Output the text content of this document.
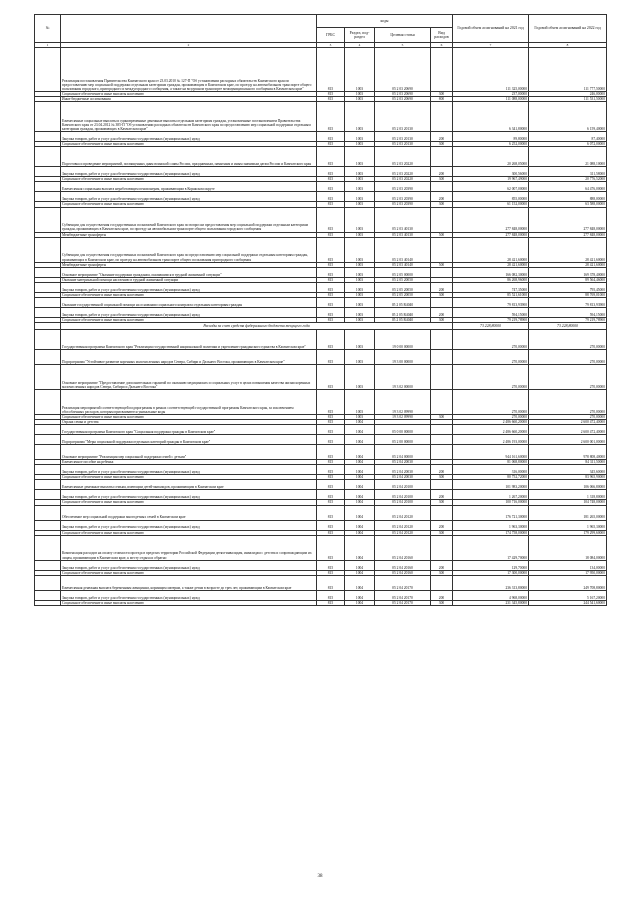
№		коды				Годовой объем ассигнований на 2021 год	Годовой объем ассигнований на 2022 год
		ГРБС	Раздел, под-раздел	Целевая статья	Вид расходов		
1	2	3	4	5	6	7	8
	Реализация постановления Правительства Камчатского края от 23.03.2010 № 127-П "Об установлении расходных обязательств Камчатского края по предоставлению мер социальной поддержки отдельным категориям граждан, проживающим в Камчатском крае, по проезду на автомобильном транспорте общего пользования городского, пригородного и междугородного сообщения, а также на воздушном транспорте межмуниципального сообщения в Камчатском крае"	815	1003	05 2 03 20690		111 325,00000	111 777,50000
	Социальное обеспечение и иные выплаты населению	815	1003	05 2 03 20690	300	237,00000	246,00000
	Иные бюджетные ассигнования	815	1003	05 2 03 20690	800	111 088,00000	111 531,50000
	Ежемесячные социальные выплаты и единовременные денежные выплаты отдельным категориям граждан, установленные постановлением Правительства Камчатского края от 23.04.2012 № 385-П "Об установлении расходных обязательств Камчатского края по предоставлению мер социальной поддержки отдельным категориям граждан, проживающих в Камчатском крае"	815	1003	05 2 03 20130		6 341,80000	6 159,40000
	Закупка товаров, работ и услуг для обеспечения государственных (муниципальных) нужд	815	1003	05 2 03 20130	200	89,80000	87,40000
	Социальное обеспечение и иные выплаты населению	815	1003	05 2 03 20130	300	6 252,00000	6 072,00000
	Подготовка и проведение мероприятий, посвященных дням воинской славы России, праздничным, памятным и иным значимым датам России и Камчатского края	815	1003	05 2 03 20220		20 268,05000	21 088,10000
	Закупка товаров, работ и услуг для обеспечения государственных (муниципальных) нужд	815	1003	05 2 03 20220	200	300,56000	311,58000
	Социальное обеспечение и иные выплаты населению	815	1003	05 2 03 20220	300	19 967,49000	20 776,52000
	Ежемесячная социальная выплата неработающим пенсионерам, проживающим в Корякском округе	815	1003	05 2 03 20390		62 007,00000	64 476,00000
	Закупка товаров, работ и услуг для обеспечения государственных (муниципальных) нужд	815	1003	05 2 03 20390	200	855,00000	888,00000
	Социальное обеспечение и иные выплаты населению	815	1003	05 2 03 20390	300	61 152,00000	63 588,00000
	Субвенции для осуществления государственных полномочий Камчатского края по вопросам предоставления мер социальной поддержки отдельным категориям граждан, проживающих в Камчатском крае, по проезду на автомобильном транспорте общего пользования городского сообщения	815	1003	05 2 03 40130		277 848,00000	277 848,00000
	Межбюджетные трансферты	815	1003	05 2 03 40130	500	277 848,00000	277 848,00000
	Субвенции для осуществления государственных полномочий Камчатского края по предоставлению мер социальной поддержки отдельным категориям граждан, проживающих в Камчатском крае, по проезду на автомобильном транспорте общего пользования пригородного сообщения	815	1003	05 2 03 40140		28 421,60000	28 421,60000
	Межбюджетные трансферты	815	1003	05 2 03 40140	500	28 421,60000	28 421,60000
	Основное мероприятие "Оказание поддержки гражданам, оказавшимся в трудной жизненной ситуации"	815	1003	05 2 05 00000		166 082,30000	169 378,40000
	Оказание материальной помощи населению в трудной жизненной ситуации	815	1003	05 2 05 20050		86 268,96000	89 564,46000
	Закупка товаров, работ и услуг для обеспечения государственных (муниципальных) нужд	815	1003	05 2 05 20050	200	747,35000	795,45000
	Социальное обеспечение и иные выплаты населению	815	1003	05 2 05 20050	300	85 521,61000	88 769,01000
	Оказание государственной социальной помощи на основании социального контракта отдельным категориям граждан	815	1003	05 2 05 R4040		79 813,93900	79 813,93900
	Закупка товаров, работ и услуг для обеспечения государственных (муниципальных) нужд	815	1003	05 2 05 R4040	200	594,15000	594,15000
	Социальное обеспечение и иные выплаты населению	815	1003	05 2 05 R4040	300	79 219,78900	79 219,78900
	Расходы за счет средств федерального бюджета текущего года					73 228,80000	73 228,80000
	Государственная программа Камчатского края "Реализация государственной национальной политики и укрепление гражданского единства в Камчатском крае"	815	1003	19 0 00 00000		270,00000	270,00000
	Подпрограмма "Устойчивое развитие коренных малочисленных народов Севера, Сибири и Дальнего Востока, проживающих в Камчатском крае"	815	1003	19 3 00 00000		270,00000	270,00000
	Основное мероприятие "Предоставление дополнительных гарантий по оказанию медицинских и социальных услуг в целях повышения качества жизни коренных малочисленных народов Севера, Сибири и Дальнего Востока"	815	1003	19 3 02 00000		270,00000	270,00000
	Реализация мероприятий соответствующей подпрограммы в рамках соответствующей государственной программы Камчатского края, за исключением обособленных расходов, которым присваиваются уникальные коды	815	1003	19 3 02 09990		270,00000	270,00000
	Социальное обеспечение и иные выплаты населению	815	1003	19 3 02 09990	300	270,00000	270,00000
	Охрана семьи и детства	815	1004			2 486 660,20000	2 600 472,40000
	Государственная программа Камчатского края "Социальная поддержка граждан в Камчатском крае"	815	1004	05 0 00 00000		2 486 660,20000	2 600 472,40000
	Подпрограмма "Меры социальной поддержки отдельных категорий граждан в Камчатском крае"	815	1004	05 2 00 00000		2 486 193,00000	2 600 001,00000
	Основное мероприятие "Реализация мер социальной поддержки семей с детьми"	815	1004	05 2 04 00000		944 161,60000	978 808,40000
	Ежемесячное пособие на ребенка	815	1004	05 2 04 20030		81 068,80000	84 311,50000
	Закупка товаров, работ и услуг для обеспечения государственных (муниципальных) нужд	815	1004	05 2 04 20030	200	316,00000	345,60000
	Социальное обеспечение и иные выплаты населению	815	1004	05 2 04 20030	300	80 752,72000	83 965,90000
	Ежемесячные денежные выплаты семьям, имеющим детей-инвалидов, проживающим в Камчатском крае	815	1004	05 2 04 20100		101 983,20000	106 066,80000
	Закупка товаров, работ и услуг для обеспечения государственных (муниципальных) нужд	815	1004	05 2 04 20100	200	1 267,20000	1 318,80000
	Социальное обеспечение и иные выплаты населению	815	1004	05 2 04 20100	300	100 716,00000	104 748,00000
	Обеспечение мер социальной поддержки многодетных семей в Камчатском крае	815	1004	05 2 04 20120		176 721,30000	181 265,00000
	Закупка товаров, работ и услуг для обеспечения государственных (муниципальных) нужд	815	1004	05 2 04 20120	200	1 963,30000	1 965,30000
	Социальное обеспечение и иные выплаты населению	815	1004	05 2 04 20120	300	174 758,00000	179 299,60000
	Компенсация расходов на оплату стоимости проезда в пределах территории Российской Федерации детям-инвалидам, инвалидам с детства и сопровождающим их лицам, проживающим в Камчатском крае, к месту отдыха и обратно	815	1004	05 2 04 20160		17 429,70000	18 084,00000
	Закупка товаров, работ и услуг для обеспечения государственных (муниципальных) нужд	815	1004	05 2 04 20160	200	129,70000	134,00000
	Социальное обеспечение и иные выплаты населению	815	1004	05 2 04 20160	300	17 300,00000	17 950,00000
	Ежемесячная денежная выплата беременным женщинам, кормящим матерям, а также детям в возрасте до трех лет, проживающим в Камчатском крае	815	1004	05 2 04 20170		236 313,80000	249 708,80000
	Закупка товаров, работ и услуг для обеспечения государственных (муниципальных) нужд	815	1004	05 2 04 20170	200	4 968,00000	5 167,20000
	Социальное обеспечение и иные выплаты населению	815	1004	05 2 04 20170	300	231 345,80000	244 541,60000
38
